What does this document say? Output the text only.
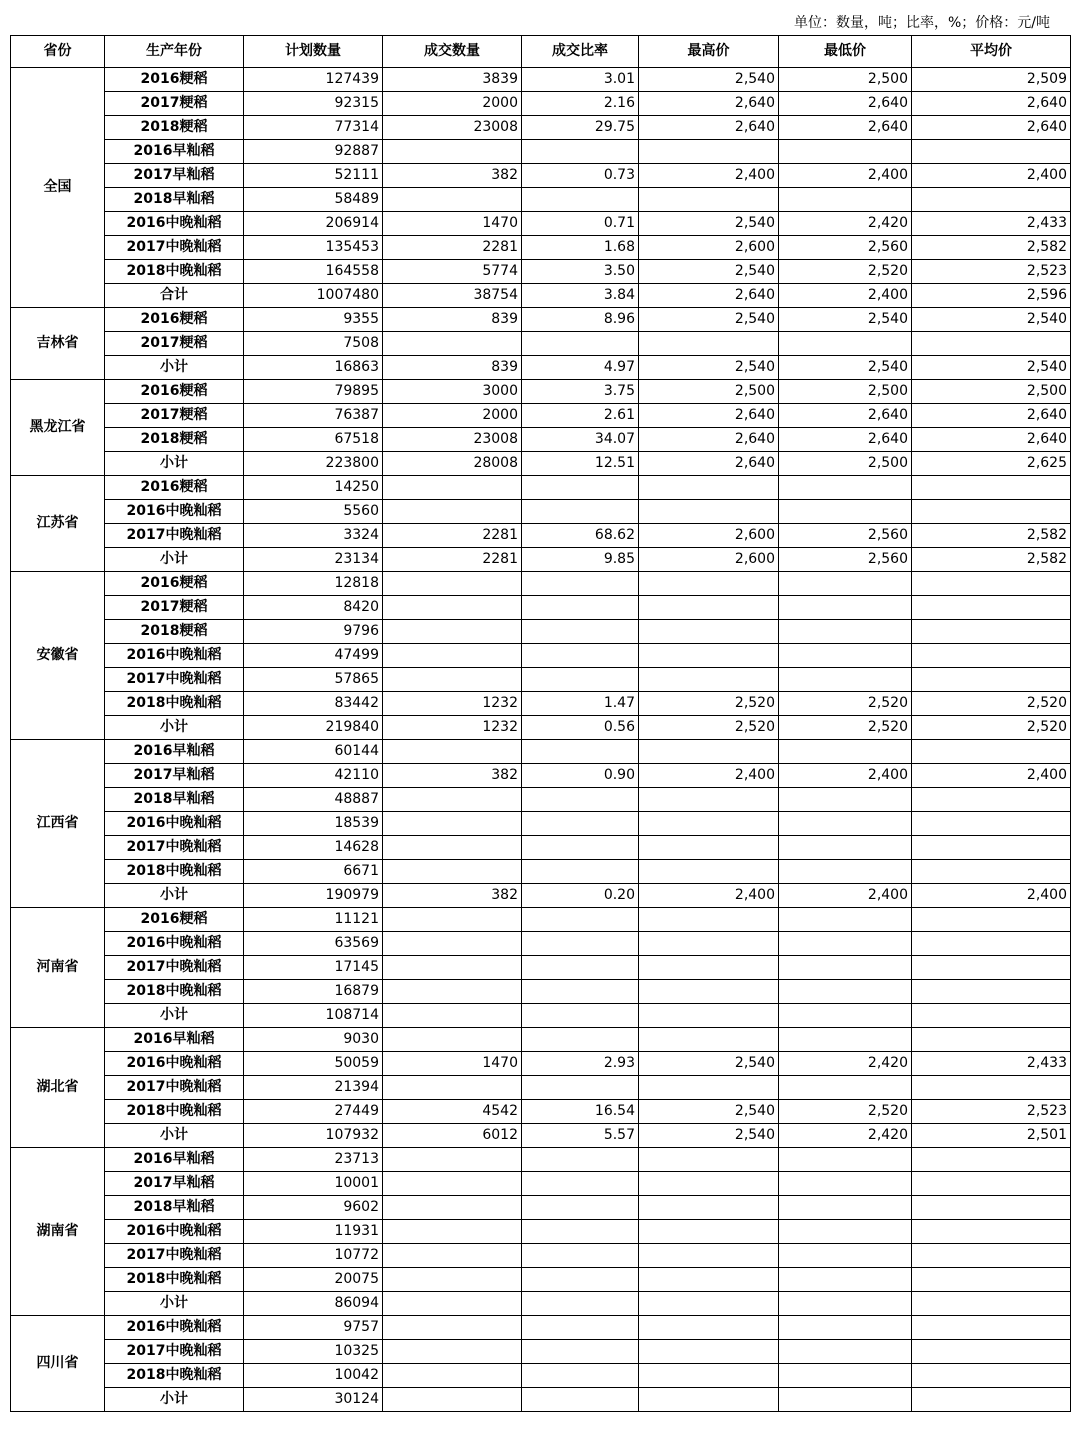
单位：数量，吨；比率，%；价格：元/吨
省份	生产年份	计划数量	成交数量	成交比率	最高价	最低价	平均价
全国	2016粳稻	127439	3839	3.01	2,540	2,500	2,509
	2017粳稻	92315	2000	2.16	2,640	2,640	2,640
	2018粳稻	77314	23008	29.75	2,640	2,640	2,640
	2016早籼稻	92887					
	2017早籼稻	52111	382	0.73	2,400	2,400	2,400
	2018早籼稻	58489					
	2016中晚籼稻	206914	1470	0.71	2,540	2,420	2,433
	2017中晚籼稻	135453	2281	1.68	2,600	2,560	2,582
	2018中晚籼稻	164558	5774	3.50	2,540	2,520	2,523
	合计	1007480	38754	3.84	2,640	2,400	2,596
吉林省	2016粳稻	9355	839	8.96	2,540	2,540	2,540
	2017粳稻	7508					
	小计	16863	839	4.97	2,540	2,540	2,540
黑龙江省	2016粳稻	79895	3000	3.75	2,500	2,500	2,500
	2017粳稻	76387	2000	2.61	2,640	2,640	2,640
	2018粳稻	67518	23008	34.07	2,640	2,640	2,640
	小计	223800	28008	12.51	2,640	2,500	2,625
江苏省	2016粳稻	14250					
	2016中晚籼稻	5560					
	2017中晚籼稻	3324	2281	68.62	2,600	2,560	2,582
	小计	23134	2281	9.85	2,600	2,560	2,582
安徽省	2016粳稻	12818					
	2017粳稻	8420					
	2018粳稻	9796					
	2016中晚籼稻	47499					
	2017中晚籼稻	57865					
	2018中晚籼稻	83442	1232	1.47	2,520	2,520	2,520
	小计	219840	1232	0.56	2,520	2,520	2,520
江西省	2016早籼稻	60144					
	2017早籼稻	42110	382	0.90	2,400	2,400	2,400
	2018早籼稻	48887					
	2016中晚籼稻	18539					
	2017中晚籼稻	14628					
	2018中晚籼稻	6671					
	小计	190979	382	0.20	2,400	2,400	2,400
河南省	2016粳稻	11121					
	2016中晚籼稻	63569					
	2017中晚籼稻	17145					
	2018中晚籼稻	16879					
	小计	108714					
湖北省	2016早籼稻	9030					
	2016中晚籼稻	50059	1470	2.93	2,540	2,420	2,433
	2017中晚籼稻	21394					
	2018中晚籼稻	27449	4542	16.54	2,540	2,520	2,523
	小计	107932	6012	5.57	2,540	2,420	2,501
湖南省	2016早籼稻	23713					
	2017早籼稻	10001					
	2018早籼稻	9602					
	2016中晚籼稻	11931					
	2017中晚籼稻	10772					
	2018中晚籼稻	20075					
	小计	86094					
四川省	2016中晚籼稻	9757					
	2017中晚籼稻	10325					
	2018中晚籼稻	10042					
	小计	30124					
